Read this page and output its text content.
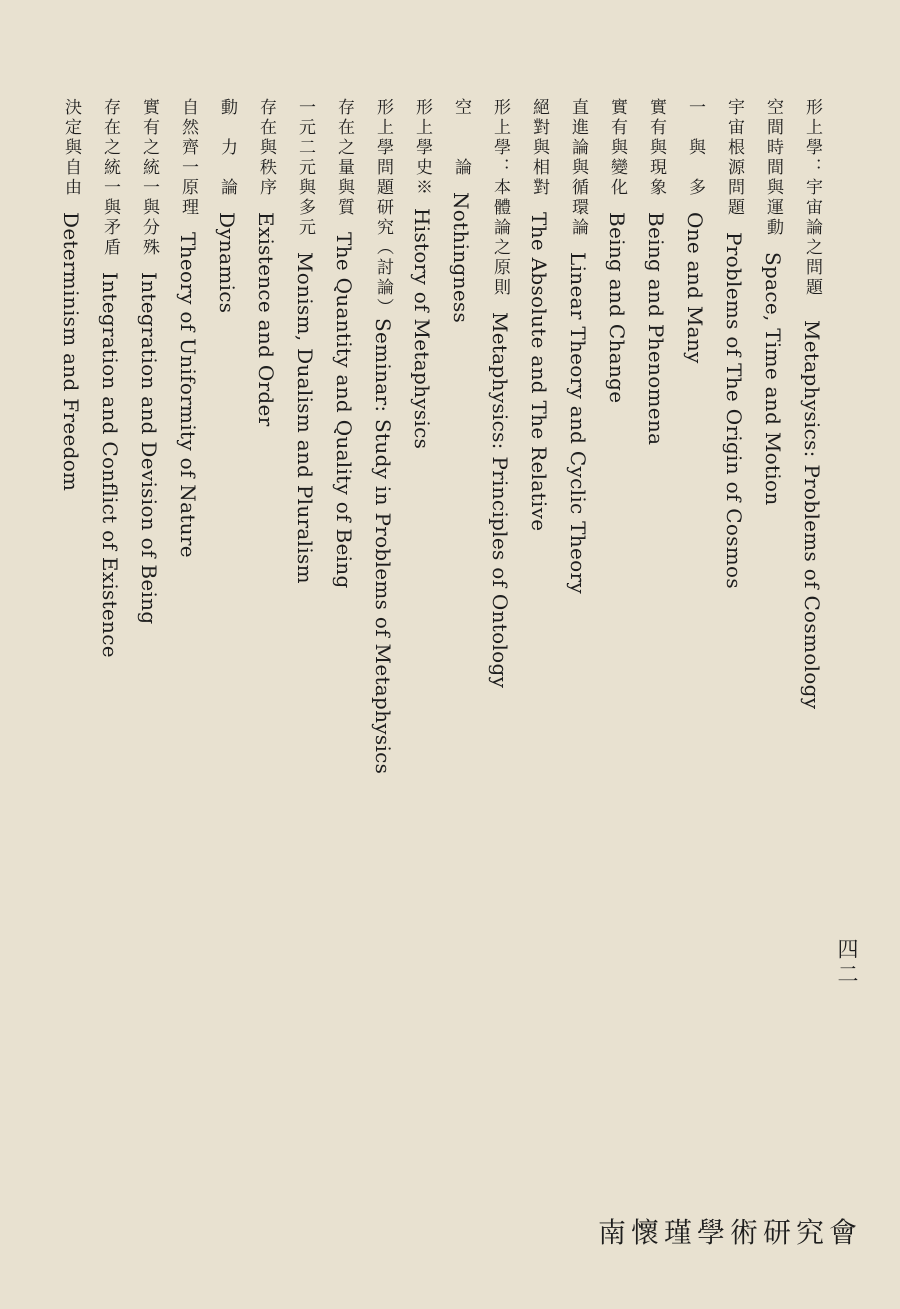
形上學：宇宙論之問題Metaphysics: Problems of Cosmology
空間時間與運動Space, Time and Motion
宇宙根源問題Problems of The Origin of Cosmos
一　與　多One and Many
實有與現象Being and Phenomena
實有與變化Being and Change
直進論與循環論Linear Theory and Cyclic Theory
絕對與相對The Absolute and The Relative
形上學：本體論之原則Metaphysics: Principles of Ontology
空　　論Nothingness
形上學史※History of Metaphysics
形上學問題研究（討論）Seminar: Study in Problems of Metaphysics
存在之量與質The Quantity and Quality of Being
一元二元與多元Monism, Dualism and Pluralism
存在與秩序Existence and Order
動　力　論Dynamics
自然齊一原理Theory of Uniformity of Nature
實有之統一與分殊Integration and Devision of Being
存在之統一與矛盾Integration and Conflict of Existence
決定與自由Determinism and Freedom
四二
南懷瑾學術研究會
